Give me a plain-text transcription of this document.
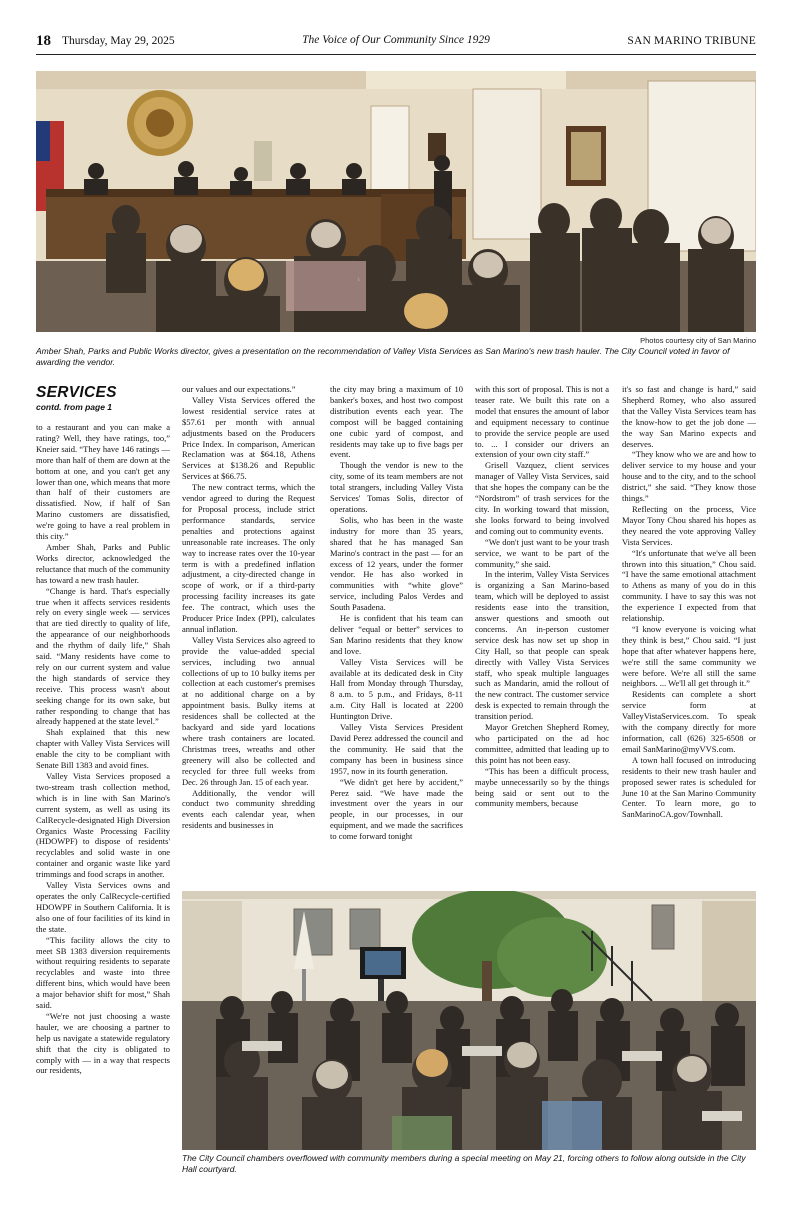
18 Thursday, May 29, 2025	The Voice of Our Community Since 1929	SAN MARINO TRIBUNE
Photos courtesy city of San Marino
Amber Shah, Parks and Public Works director, gives a presentation on the recommendation of Valley Vista Services as San Marino's new trash hauler. The City Council voted in favor of awarding the vendor.
SERVICES
contd. from page 1

to a restaurant and you can make a rating? Well, they have ratings, too,” Kneier said. “They have 146 ratings — more than half of them are down at the bottom at one, and you can't get any lower than one, which means that more than half of their customers are dissatisfied. Now, if half of San Marino customers are dissatisfied, we're going to have a real problem in this city.”

Amber Shah, Parks and Public Works director, acknowledged the reluctance that much of the community has toward a new trash hauler.

“Change is hard. That's especially true when it affects services residents rely on every single week — services that are tied directly to quality of life, the appearance of our neighborhoods and the rhythm of daily life,” Shah said. “Many residents have come to rely on our current system and value the high standards of service they receive. This process wasn't about seeking change for its own sake, but rather responding to change that has already happened at the state level.”

Shah explained that this new chapter with Valley Vista Services will enable the city to be compliant with Senate Bill 1383 and avoid fines.

Valley Vista Services proposed a two-stream trash collection method, which is in line with San Marino's current system, as well as using its CalRecycle-designated High Diversion Organics Waste Processing Facility (HDOWPF) to dispose of residents' recyclables and solid waste in one container and organic waste like yard trimmings and food scraps in another.

Valley Vista Services owns and operates the only CalRecycle-certified HDOWPF in Southern California. It is also one of four facilities of its kind in the state.

“This facility allows the city to meet SB 1383 diversion requirements without requiring residents to separate recyclables and waste into three different bins, which would have been a major behavior shift for most,” Shah said.

“We're not just choosing a waste hauler, we are choosing a partner to help us navigate a statewide regulatory shift that the city is obligated to comply with — in a way that respects our residents,

our values and our expectations.”

Valley Vista Services offered the lowest residential service rates at $57.61 per month with annual adjustments based on the Producers Price Index. In comparison, American Reclamation was at $64.18, Athens Services at $138.26 and Republic Services at $66.75.

The new contract terms, which the vendor agreed to during the Request for Proposal process, include strict performance standards, service penalties and protections against unreasonable rate increases. The only way to increase rates over the 10-year term is with a predefined inflation adjustment, a city-directed change in scope of work, or if a third-party processing facility increases its gate fee. The contract, which uses the Producer Price Index (PPI), calculates annual inflation.

Valley Vista Services also agreed to provide the value-added special services, including two annual collections of up to 10 bulky items per collection at each customer's premises at no additional charge on a by appointment basis. Bulky items at residences shall be collected at the backyard and side yard locations where trash containers are located. Christmas trees, wreaths and other greenery will also be collected and recycled for three full weeks from Dec. 26 through Jan. 15 of each year.

Additionally, the vendor will conduct two community shredding events each calendar year, when residents and businesses in

the city may bring a maximum of 10 banker's boxes, and host two compost distribution events each year. The compost will be bagged containing one cubic yard of compost, and residents may take up to five bags per event.

Though the vendor is new to the city, some of its team members are not total strangers, including Valley Vista Services' Tomas Solis, director of operations.

Solis, who has been in the waste industry for more than 35 years, shared that he has managed San Marino's contract in the past — for an excess of 12 years, under the former vendor. He has also worked in communities with “white glove” service, including Palos Verdes and South Pasadena.

He is confident that his team can deliver “equal or better” services to San Marino residents that they know and love.

Valley Vista Services will be available at its dedicated desk in City Hall from Monday through Thursday, 8 a.m. to 5 p.m., and Fridays, 8-11 a.m. City Hall is located at 2200 Huntington Drive.

Valley Vista Services President David Perez addressed the council and the community. He said that the company has been in business since 1957, now in its fourth generation.

“We didn't get here by accident,” Perez said. “We have made the investment over the years in our people, in our processes, in our equipment, and we made the sacrifices to come forward tonight

with this sort of proposal. This is not a teaser rate. We built this rate on a model that ensures the amount of labor and equipment necessary to continue to provide the service people are used to. ... I consider our drivers an extension of your own city staff.”

Grisell Vazquez, client services manager of Valley Vista Services, said that she hopes the company can be the “Nordstrom” of trash services for the city. In working toward that mission, she looks forward to being involved and coming out to community events.

“We don't just want to be your trash service, we want to be part of the community,” she said.

In the interim, Valley Vista Services is organizing a San Marino-based team, which will be deployed to assist residents ease into the transition, answer questions and smooth out concerns. An in-person customer service desk has now set up shop in City Hall, so that people can speak directly with Valley Vista Services staff, who speak multiple languages such as Mandarin, amid the rollout of the new contract. The customer service desk is expected to remain through the transition period.

Mayor Gretchen Shepherd Romey, who participated on the ad hoc committee, admitted that leading up to this point has not been easy.

“This has been a difficult process, maybe unnecessarily so by the things being said or sent out to the community members, because

it's so fast and change is hard,” said Shepherd Romey, who also assured that the Valley Vista Services team has the know-how to get the job done — the way San Marino expects and deserves.

“They know who we are and how to deliver service to my house and your house and to the city, and to the school district,” she said. “They know those things.”

Reflecting on the process, Vice Mayor Tony Chou shared his hopes as they neared the vote approving Valley Vista Services.

“It's unfortunate that we've all been thrown into this situation,” Chou said. “I have the same emotional attachment to Athens as many of you do in this community. I have to say this was not the experience I expected from that relationship.

“I know everyone is voicing what they think is best,” Chou said. “I just hope that after whatever happens here, we're still the same community we were before. We're all still the same neighbors. ... We'll all get through it.”

Residents can complete a short service form at ValleyVistaServices.com. To speak with the company directly for more information, call (626) 325-6508 or email SanMarino@myVVS.com.

A town hall focused on introducing residents to their new trash hauler and proposed sewer rates is scheduled for June 10 at the San Marino Community Center. To learn more, go to SanMarinoCA.gov/Townhall.

The City Council chambers overflowed with community members during a special meeting on May 21, forcing others to follow along outside in the City Hall courtyard.
